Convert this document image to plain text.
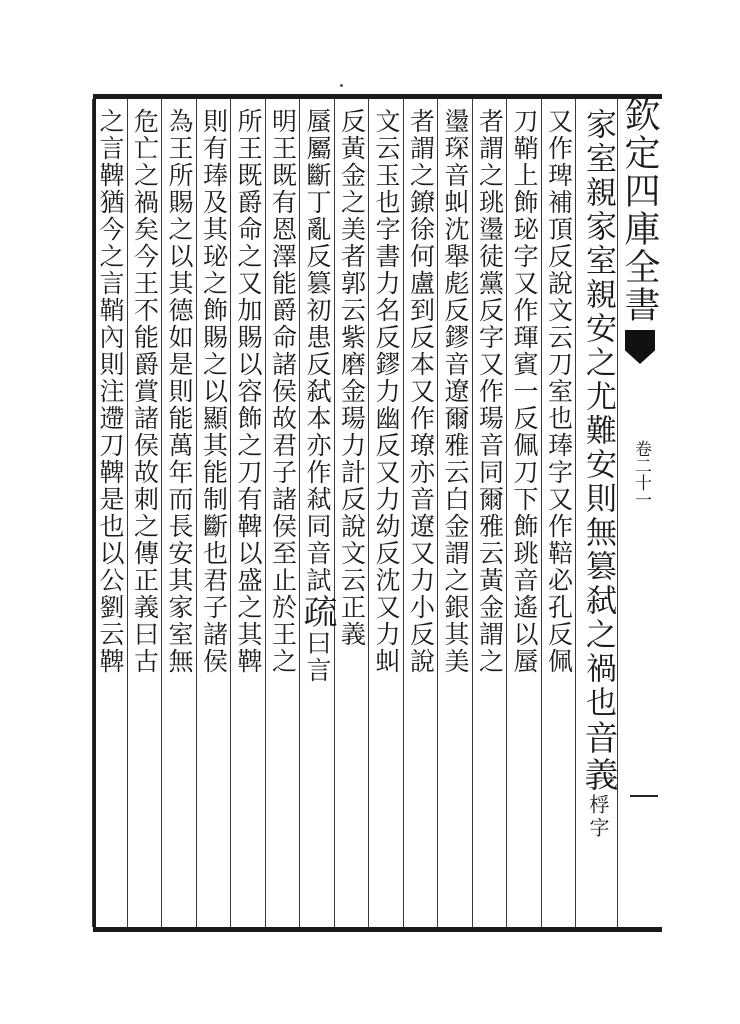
欽定四庫全書
卷二十一
家室親家室親安之尤難安則無篡弑之禍也音義桴字
又作琕補頂反說文云刀室也琫字又作鞛必孔反佩
刀鞘上飾珌字又作琿賓一反佩刀下飾珧音遙以蜃
者謂之珧璗徒黨反字又作瑒音同爾雅云黃金謂之
璗琛音虯沈舉彪反鏐音遼爾雅云白金謂之銀其美
者謂之鐐徐何盧到反本又作璙亦音遼又力小反說
文云玉也字書力名反鏐力幽反又力幼反沈又力虯
反黃金之美者郭云紫磨金瑒力計反說文云正義
蜃屬斷丁亂反篡初患反弑本亦作弒同音試疏曰言
明王既有恩澤能爵命諸侯故君子諸侯至止於王之
所王既爵命之又加賜以容飾之刀有鞞以盛之其鞞
則有琫及其珌之飾賜之以顯其能制斷也君子諸侯
為王所賜之以其德如是則能萬年而長安其家室無
危亡之禍矣今王不能爵賞諸侯故刺之傳正義曰古
之言鞞猶今之言鞘內則注遰刀鞞是也以公劉云鞞
